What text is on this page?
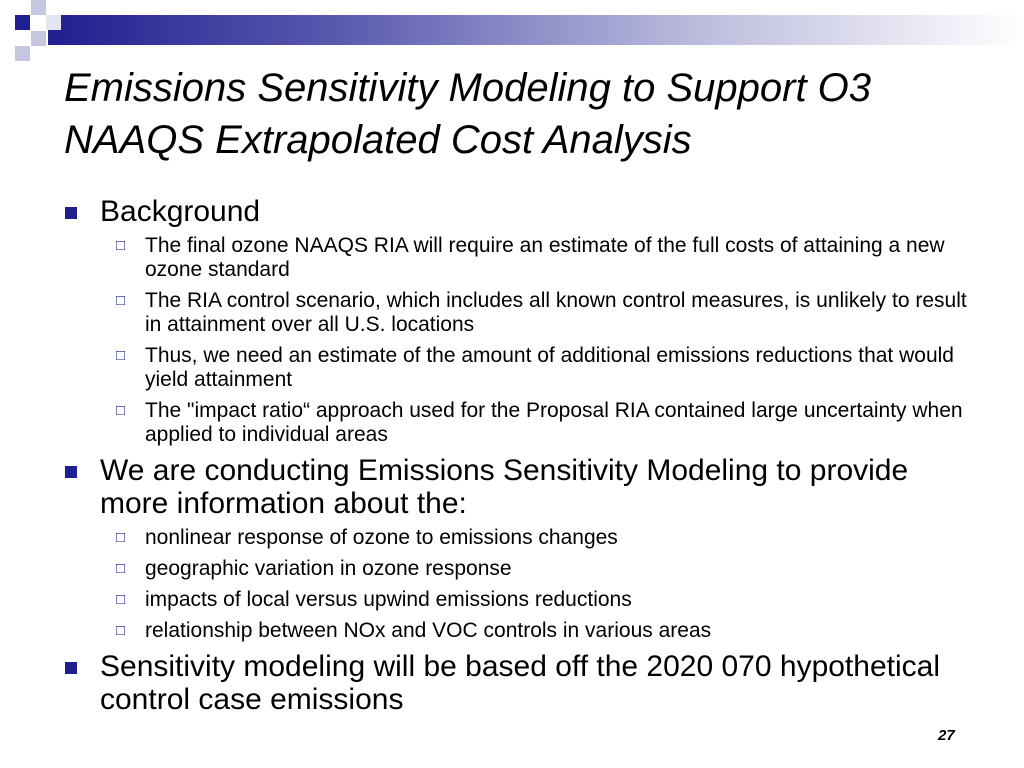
Emissions Sensitivity Modeling to Support O3 NAAQS Extrapolated Cost Analysis
Background
□ The final ozone NAAQS RIA will require an estimate of the full costs of attaining a new ozone standard
□ The RIA control scenario, which includes all known control measures, is unlikely to result in attainment over all U.S. locations
□ Thus, we need an estimate of the amount of additional emissions reductions that would yield attainment
□ The "impact ratio“ approach used for the Proposal RIA contained large uncertainty when applied to individual areas
We are conducting Emissions Sensitivity Modeling to provide more information about the:
□ nonlinear response of ozone to emissions changes
□ geographic variation in ozone response
□ impacts of local versus upwind emissions reductions
□ relationship between NOx and VOC controls in various areas
Sensitivity modeling will be based off the 2020 070 hypothetical control case emissions
27
